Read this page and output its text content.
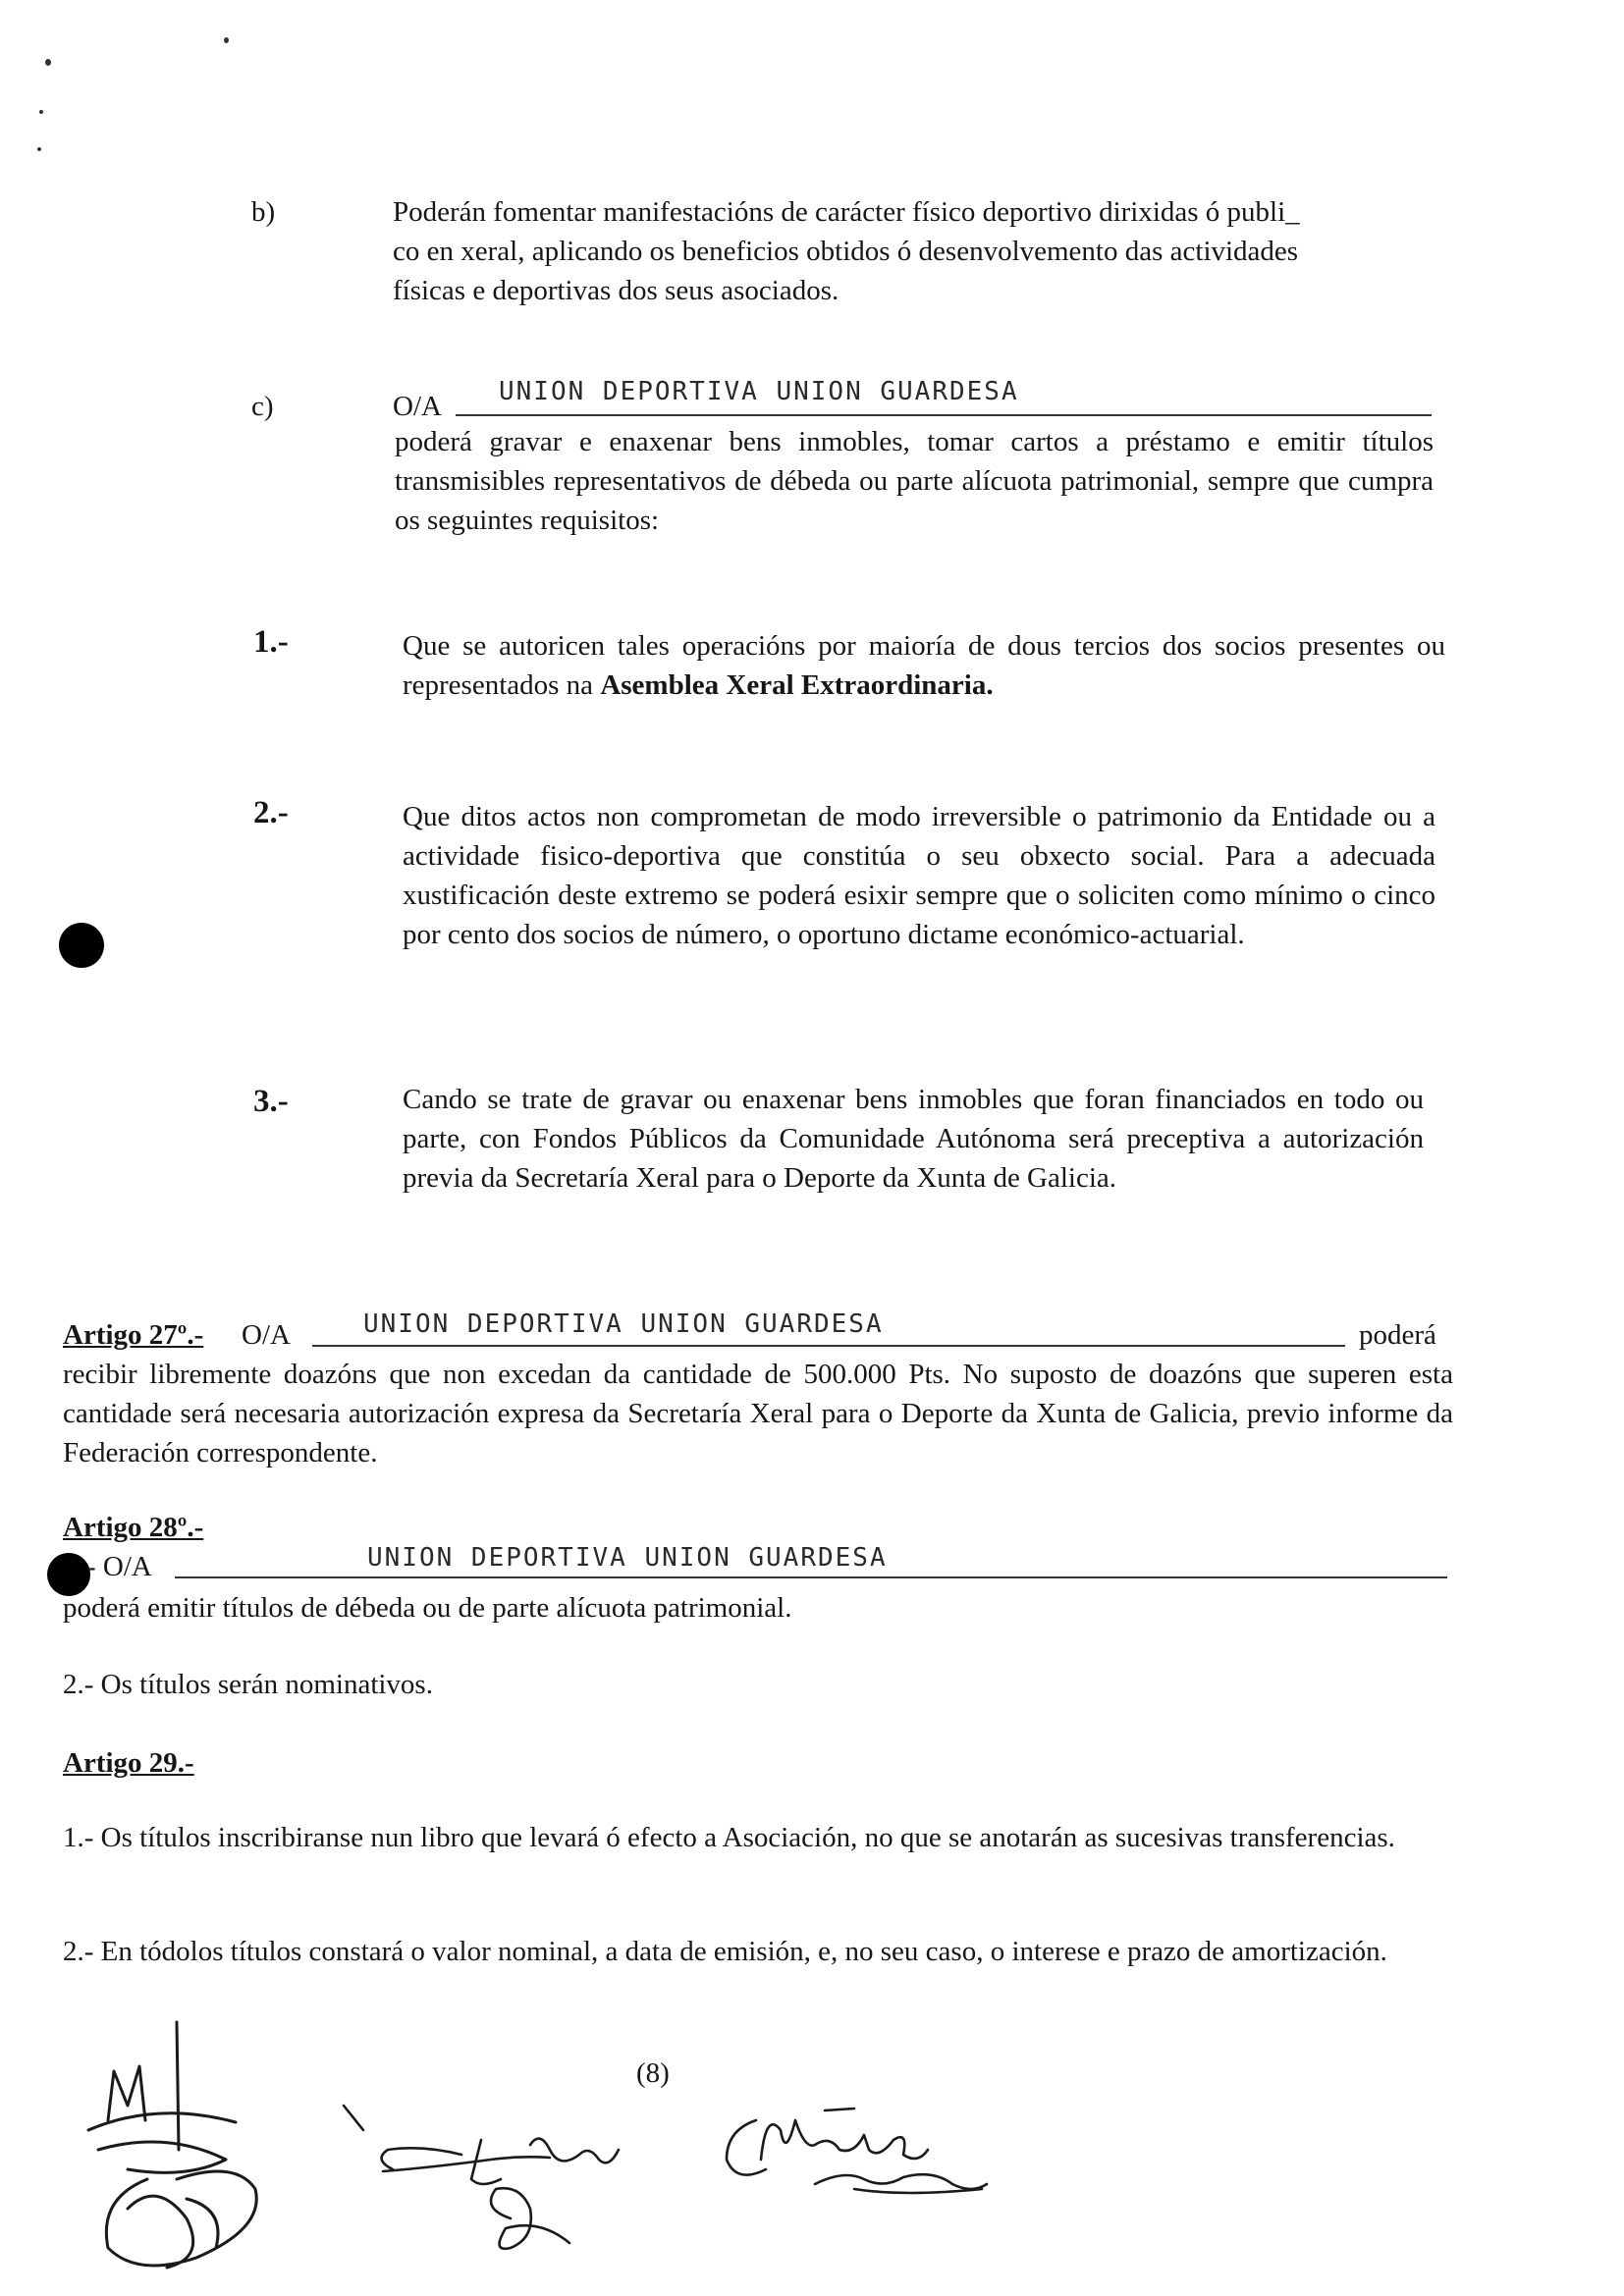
b)	Poderán fomentar manifestacións de carácter físico deportivo dirixidas ó publi_
co en xeral, aplicando os beneficios obtidos ó desenvolvemento das actividades
físicas e deportivas dos seus asociados.
c)	O/A UNION DEPORTIVA UNION GUARDESA
poderá gravar e enaxenar bens inmobles, tomar cartos a préstamo e emitir títulos transmisibles representativos de débeda ou parte alícuota patrimonial, sempre que cumpra os seguintes requisitos:
1.-	Que se autoricen tales operacións por maioría de dous tercios dos socios presentes ou representados na Asemblea Xeral Extraordinaria.
2.-	Que ditos actos non comprometan de modo irreversible o patrimonio da Entidade ou a actividade fisico-deportiva que constitúa o seu obxecto social. Para a adecuada xustificación deste extremo se poderá esixir sempre que o soliciten como mínimo o cinco por cento dos socios de número, o oportuno dictame económico-actuarial.
3.-	Cando se trate de gravar ou enaxenar bens inmobles que foran financiados en todo ou parte, con Fondos Públicos da Comunidade Autónoma será preceptiva a autorización previa da Secretaría Xeral para o Deporte da Xunta de Galicia.
Artigo 27º.- O/A	UNION DEPORTIVA UNION GUARDESA	poderá
recibir libremente doazóns que non excedan da cantidade de 500.000 Pts. No suposto de doazóns que superen esta cantidade será necesaria autorización expresa da Secretaría Xeral para o Deporte da Xunta de Galicia, previo informe da Federación correspondente.
Artigo 28º.-
- O/A	UNION DEPORTIVA UNION GUARDESA
poderá emitir títulos de débeda ou de parte alícuota patrimonial.
2.- Os títulos serán nominativos.
Artigo 29.-
1.- Os títulos inscribiranse nun libro que levará ó efecto a Asociación, no que se anotarán as sucesivas transferencias.
2.- En tódolos títulos constará o valor nominal, a data de emisión, e, no seu caso, o interese e prazo de amortización.
(8)
Cruz Reyes
Maritse
